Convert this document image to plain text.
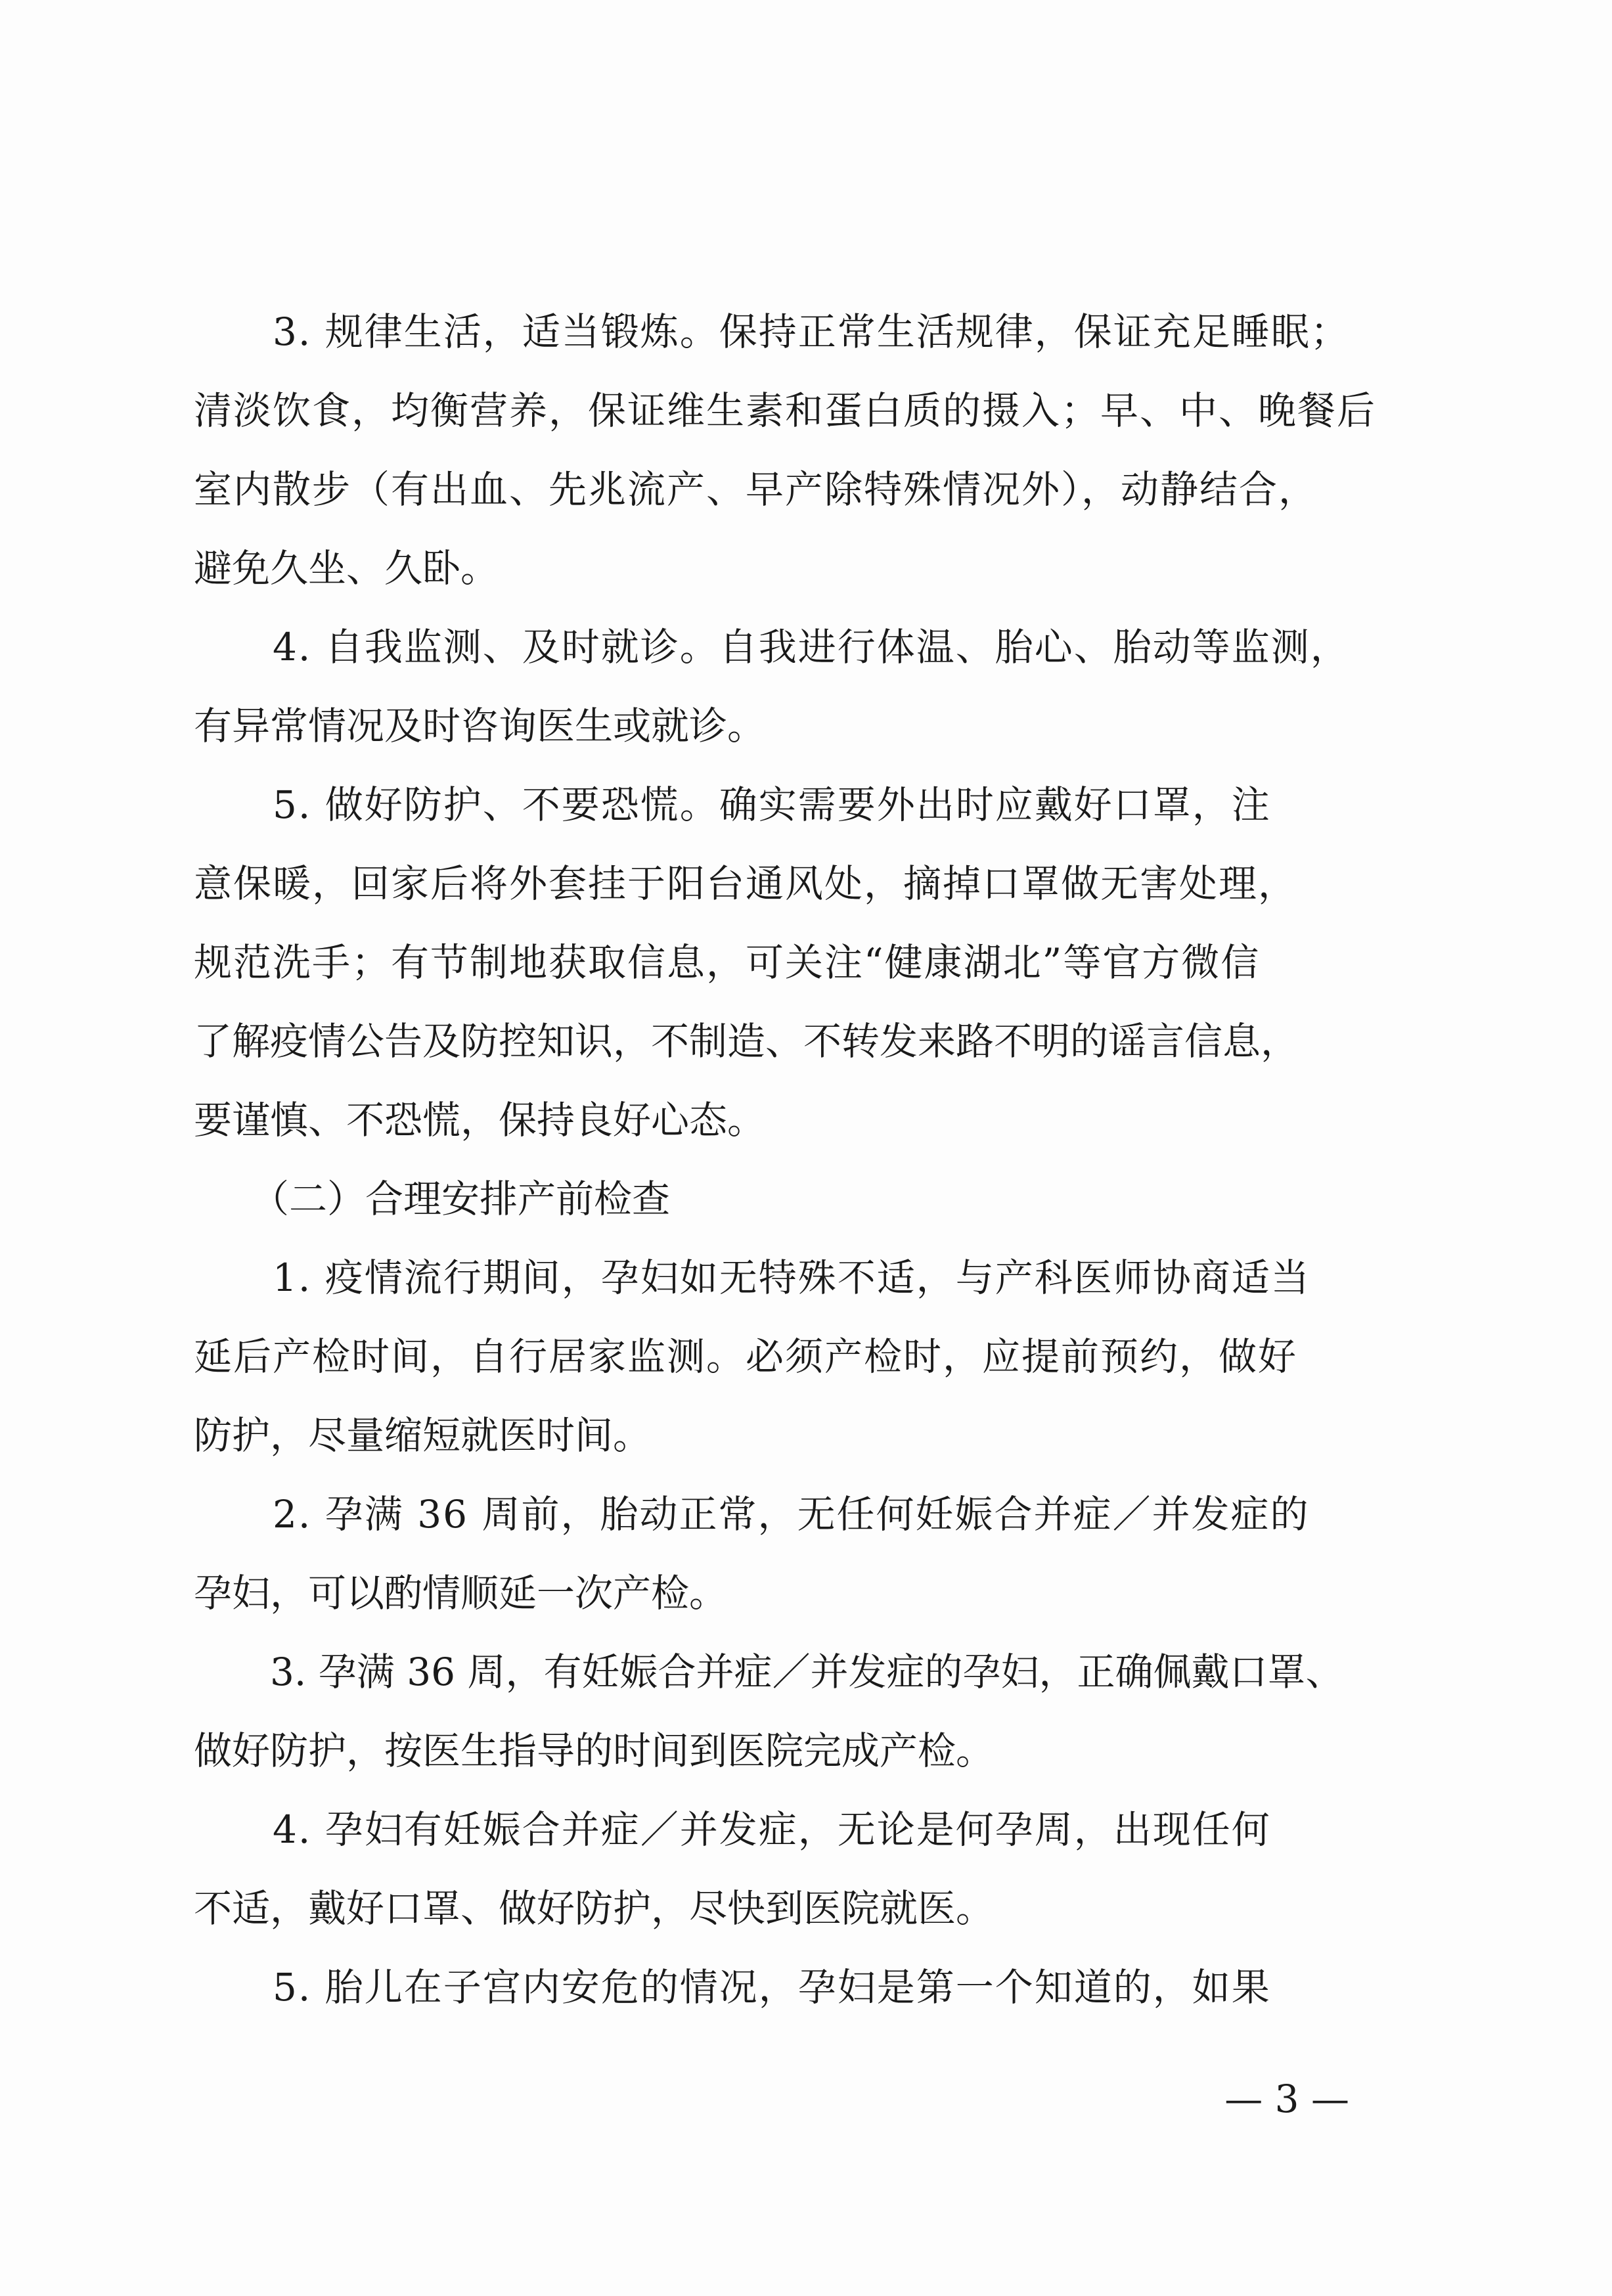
　　3. 规律生活，适当锻炼。保持正常生活规律，保证充足睡眠；
清淡饮食，均衡营养，保证维生素和蛋白质的摄入；早、中、晚餐后
室内散步（有出血、先兆流产、早产除特殊情况外），动静结合，
避免久坐、久卧。
　　4. 自我监测、及时就诊。自我进行体温、胎心、胎动等监测，
有异常情况及时咨询医生或就诊。
　　5. 做好防护、不要恐慌。确实需要外出时应戴好口罩，注
意保暖，回家后将外套挂于阳台通风处，摘掉口罩做无害处理，
规范洗手；有节制地获取信息，可关注“健康湖北”等官方微信
了解疫情公告及防控知识，不制造、不转发来路不明的谣言信息，
要谨慎、不恐慌，保持良好心态。
　　（二）合理安排产前检查
　　1. 疫情流行期间，孕妇如无特殊不适，与产科医师协商适当
延后产检时间，自行居家监测。必须产检时，应提前预约，做好
防护，尽量缩短就医时间。
　　2. 孕满 36 周前，胎动正常，无任何妊娠合并症／并发症的
孕妇，可以酌情顺延一次产检。
　　3. 孕满 36 周，有妊娠合并症／并发症的孕妇，正确佩戴口罩、
做好防护，按医生指导的时间到医院完成产检。
　　4. 孕妇有妊娠合并症／并发症，无论是何孕周，出现任何
不适，戴好口罩、做好防护，尽快到医院就医。
　　5. 胎儿在子宫内安危的情况，孕妇是第一个知道的，如果
— 3 —
